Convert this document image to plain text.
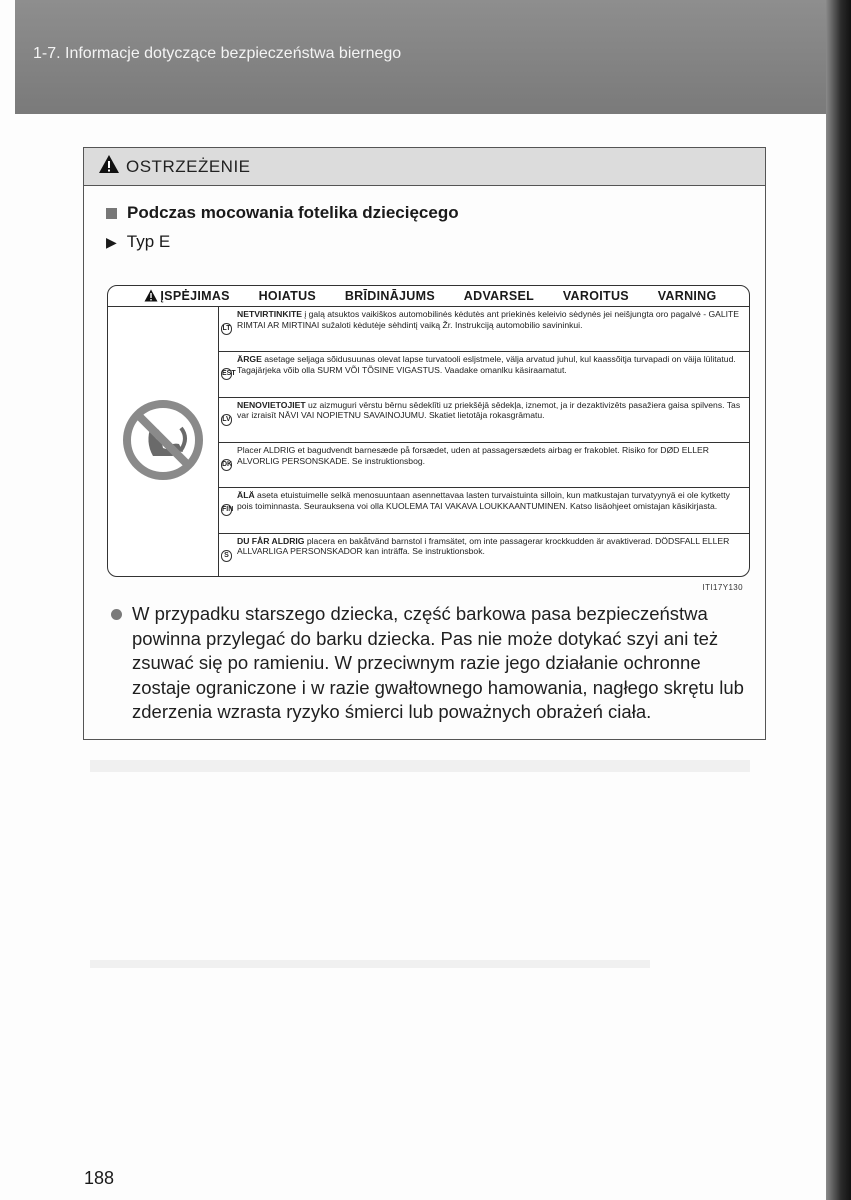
1-7. Informacje dotyczące bezpieczeństwa biernego
OSTRZEŻENIE
Podczas mocowania fotelika dziecięcego
▶ Typ E
ĮSPĖJIMAS HOIATUS BRĪDINĀJUMS ADVARSEL VAROITUS VARNING
LT
NETVIRTINKITE į galą atsuktos vaikiškos automobilinės kėdutės ant priekinės keleivio sėdynės jei neišjungta oro pagalvė - GALITE RIMTAI AR MIRTINAI sužaloti kėdutėje sėhdintį vaiką Žr. Instrukciją automobilio savininkui.
EST
ÄRGE asetage seljaga sõidusuunas olevat lapse turvatooli esljstmele, välja arvatud juhul, kul kaassõitja turvapadi on väija lülitatud. Tagajärjeka võib olla SURM VÕI TÕSINE VIGASTUS. Vaadake omanlku käsiraamatut.
LV
NENOVIETOJIET uz aizmuguri vērstu bērnu sēdeklīti uz priekšējā sēdekļa, iznemot, ja ir dezaktivizēts pasažiera gaisa spilvens. Tas var izraisīt NĀVI VAI NOPIETNU SAVAINOJUMU. Skatiet lietotāja rokasgrāmatu.
DK
Placer ALDRIG et bagudvendt barnesæde på forsædet, uden at passagersædets airbag er frakoblet. Risiko for DØD ELLER ALVORLIG PERSONSKADE. Se instruktionsbog.
FIN
ÄLÄ aseta etuistuimelle selkä menosuuntaan asennettavaa lasten turvaistuinta silloin, kun matkustajan turvatyynyä ei ole kytketty pois toiminnasta. Seurauksena voi olla KUOLEMA TAI VAKAVA LOUKKAANTUMINEN. Katso lisäohjeet omistajan käsikirjasta.
S
DU FÅR ALDRIG placera en bakåtvänd barnstol i framsätet, om inte passagerar krockkudden är avaktiverad. DÖDSFALL ELLER ALLVARLIGA PERSONSKADOR kan inträffa. Se instruktionsbok.
ITI17Y130
W przypadku starszego dziecka, część barkowa pasa bezpieczeństwa powinna przylegać do barku dziecka. Pas nie może dotykać szyi ani też zsuwać się po ramieniu. W przeciwnym razie jego działanie ochronne zostaje ograniczone i w razie gwałtownego hamowania, nagłego skrętu lub zderzenia wzrasta ryzyko śmierci lub poważnych obrażeń ciała.
188
